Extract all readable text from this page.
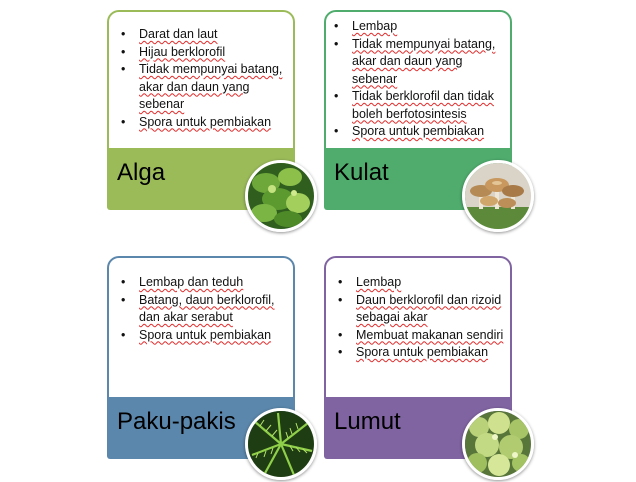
• Darat dan laut
• Hijau berklorofil
• Tidak mempunyai batang, akar dan daun yang sebenar
• Spora untuk pembiakan
Alga
• Lembap
• Tidak mempunyai batang, akar dan daun yang sebenar
• Tidak berklorofil dan tidak boleh berfotosintesis
• Spora untuk pembiakan
Kulat
• Lembap dan teduh
• Batang, daun berklorofil, dan akar serabut
• Spora untuk pembiakan
Paku-pakis
• Lembap
• Daun berklorofil dan rizoid sebagai akar
• Membuat makanan sendiri
• Spora untuk pembiakan
Lumut
